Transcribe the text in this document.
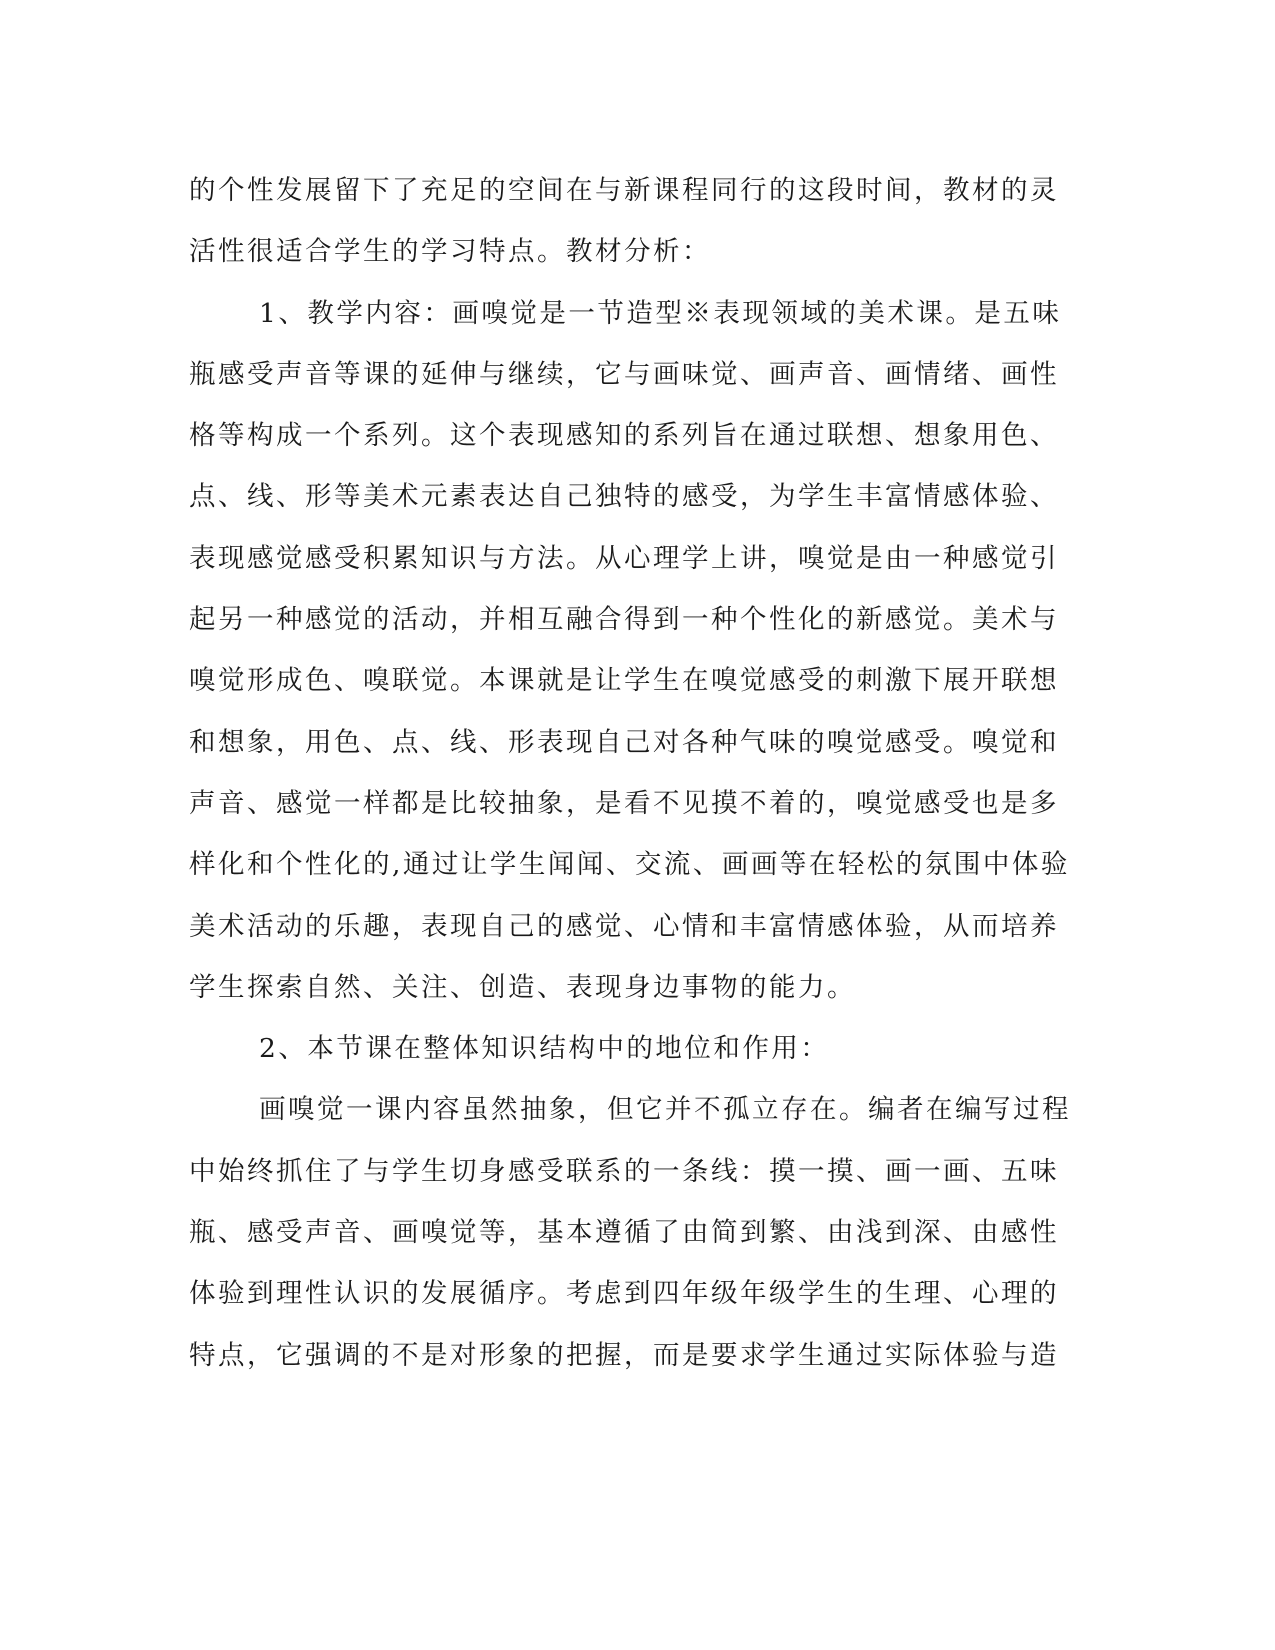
的个性发展留下了充足的空间在与新课程同行的这段时间，教材的灵
活性很适合学生的学习特点。教材分析：
1、教学内容：画嗅觉是一节造型※表现领域的美术课。是五味
瓶感受声音等课的延伸与继续，它与画味觉、画声音、画情绪、画性
格等构成一个系列。这个表现感知的系列旨在通过联想、想象用色、
点、线、形等美术元素表达自己独特的感受，为学生丰富情感体验、
表现感觉感受积累知识与方法。从心理学上讲，嗅觉是由一种感觉引
起另一种感觉的活动，并相互融合得到一种个性化的新感觉。美术与
嗅觉形成色、嗅联觉。本课就是让学生在嗅觉感受的刺激下展开联想
和想象，用色、点、线、形表现自己对各种气味的嗅觉感受。嗅觉和
声音、感觉一样都是比较抽象，是看不见摸不着的，嗅觉感受也是多
样化和个性化的,通过让学生闻闻、交流、画画等在轻松的氛围中体验
美术活动的乐趣，表现自己的感觉、心情和丰富情感体验，从而培养
学生探索自然、关注、创造、表现身边事物的能力。
2、本节课在整体知识结构中的地位和作用：
画嗅觉一课内容虽然抽象，但它并不孤立存在。编者在编写过程
中始终抓住了与学生切身感受联系的一条线：摸一摸、画一画、五味
瓶、感受声音、画嗅觉等，基本遵循了由简到繁、由浅到深、由感性
体验到理性认识的发展循序。考虑到四年级年级学生的生理、心理的
特点，它强调的不是对形象的把握，而是要求学生通过实际体验与造
